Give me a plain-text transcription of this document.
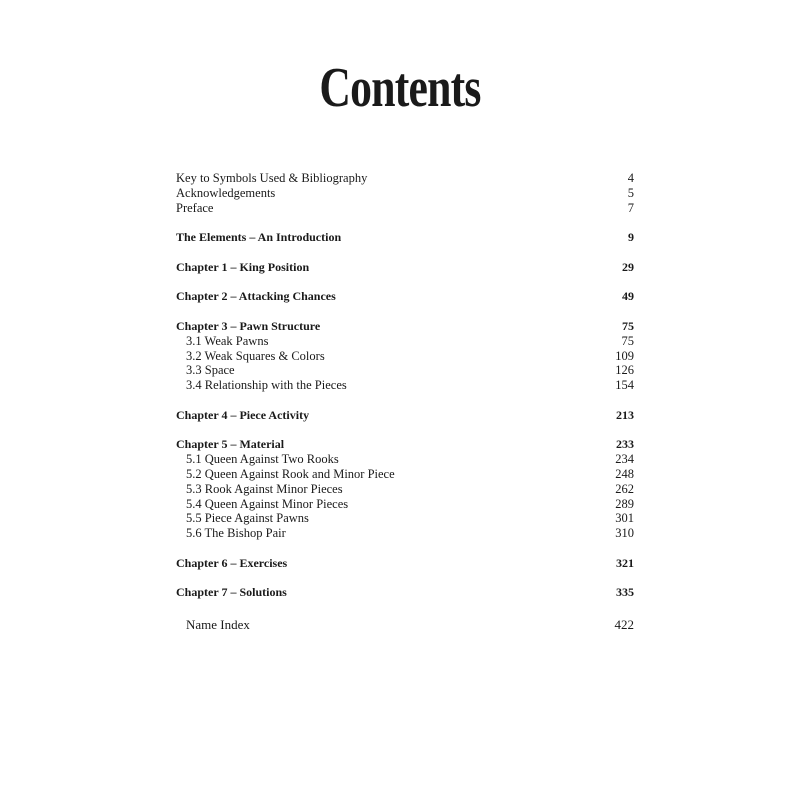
Contents
Key to Symbols Used & Bibliography	4
Acknowledgements	5
Preface	7
The Elements – An Introduction	9
Chapter 1 – King Position	29
Chapter 2 – Attacking Chances	49
Chapter 3 – Pawn Structure	75
3.1 Weak Pawns	75
3.2 Weak Squares & Colors	109
3.3 Space	126
3.4 Relationship with the Pieces	154
Chapter 4 – Piece Activity	213
Chapter 5 – Material	233
5.1 Queen Against Two Rooks	234
5.2 Queen Against Rook and Minor Piece	248
5.3 Rook Against Minor Pieces	262
5.4 Queen Against Minor Pieces	289
5.5 Piece Against Pawns	301
5.6 The Bishop Pair	310
Chapter 6 – Exercises	321
Chapter 7 – Solutions	335
Name Index	422
